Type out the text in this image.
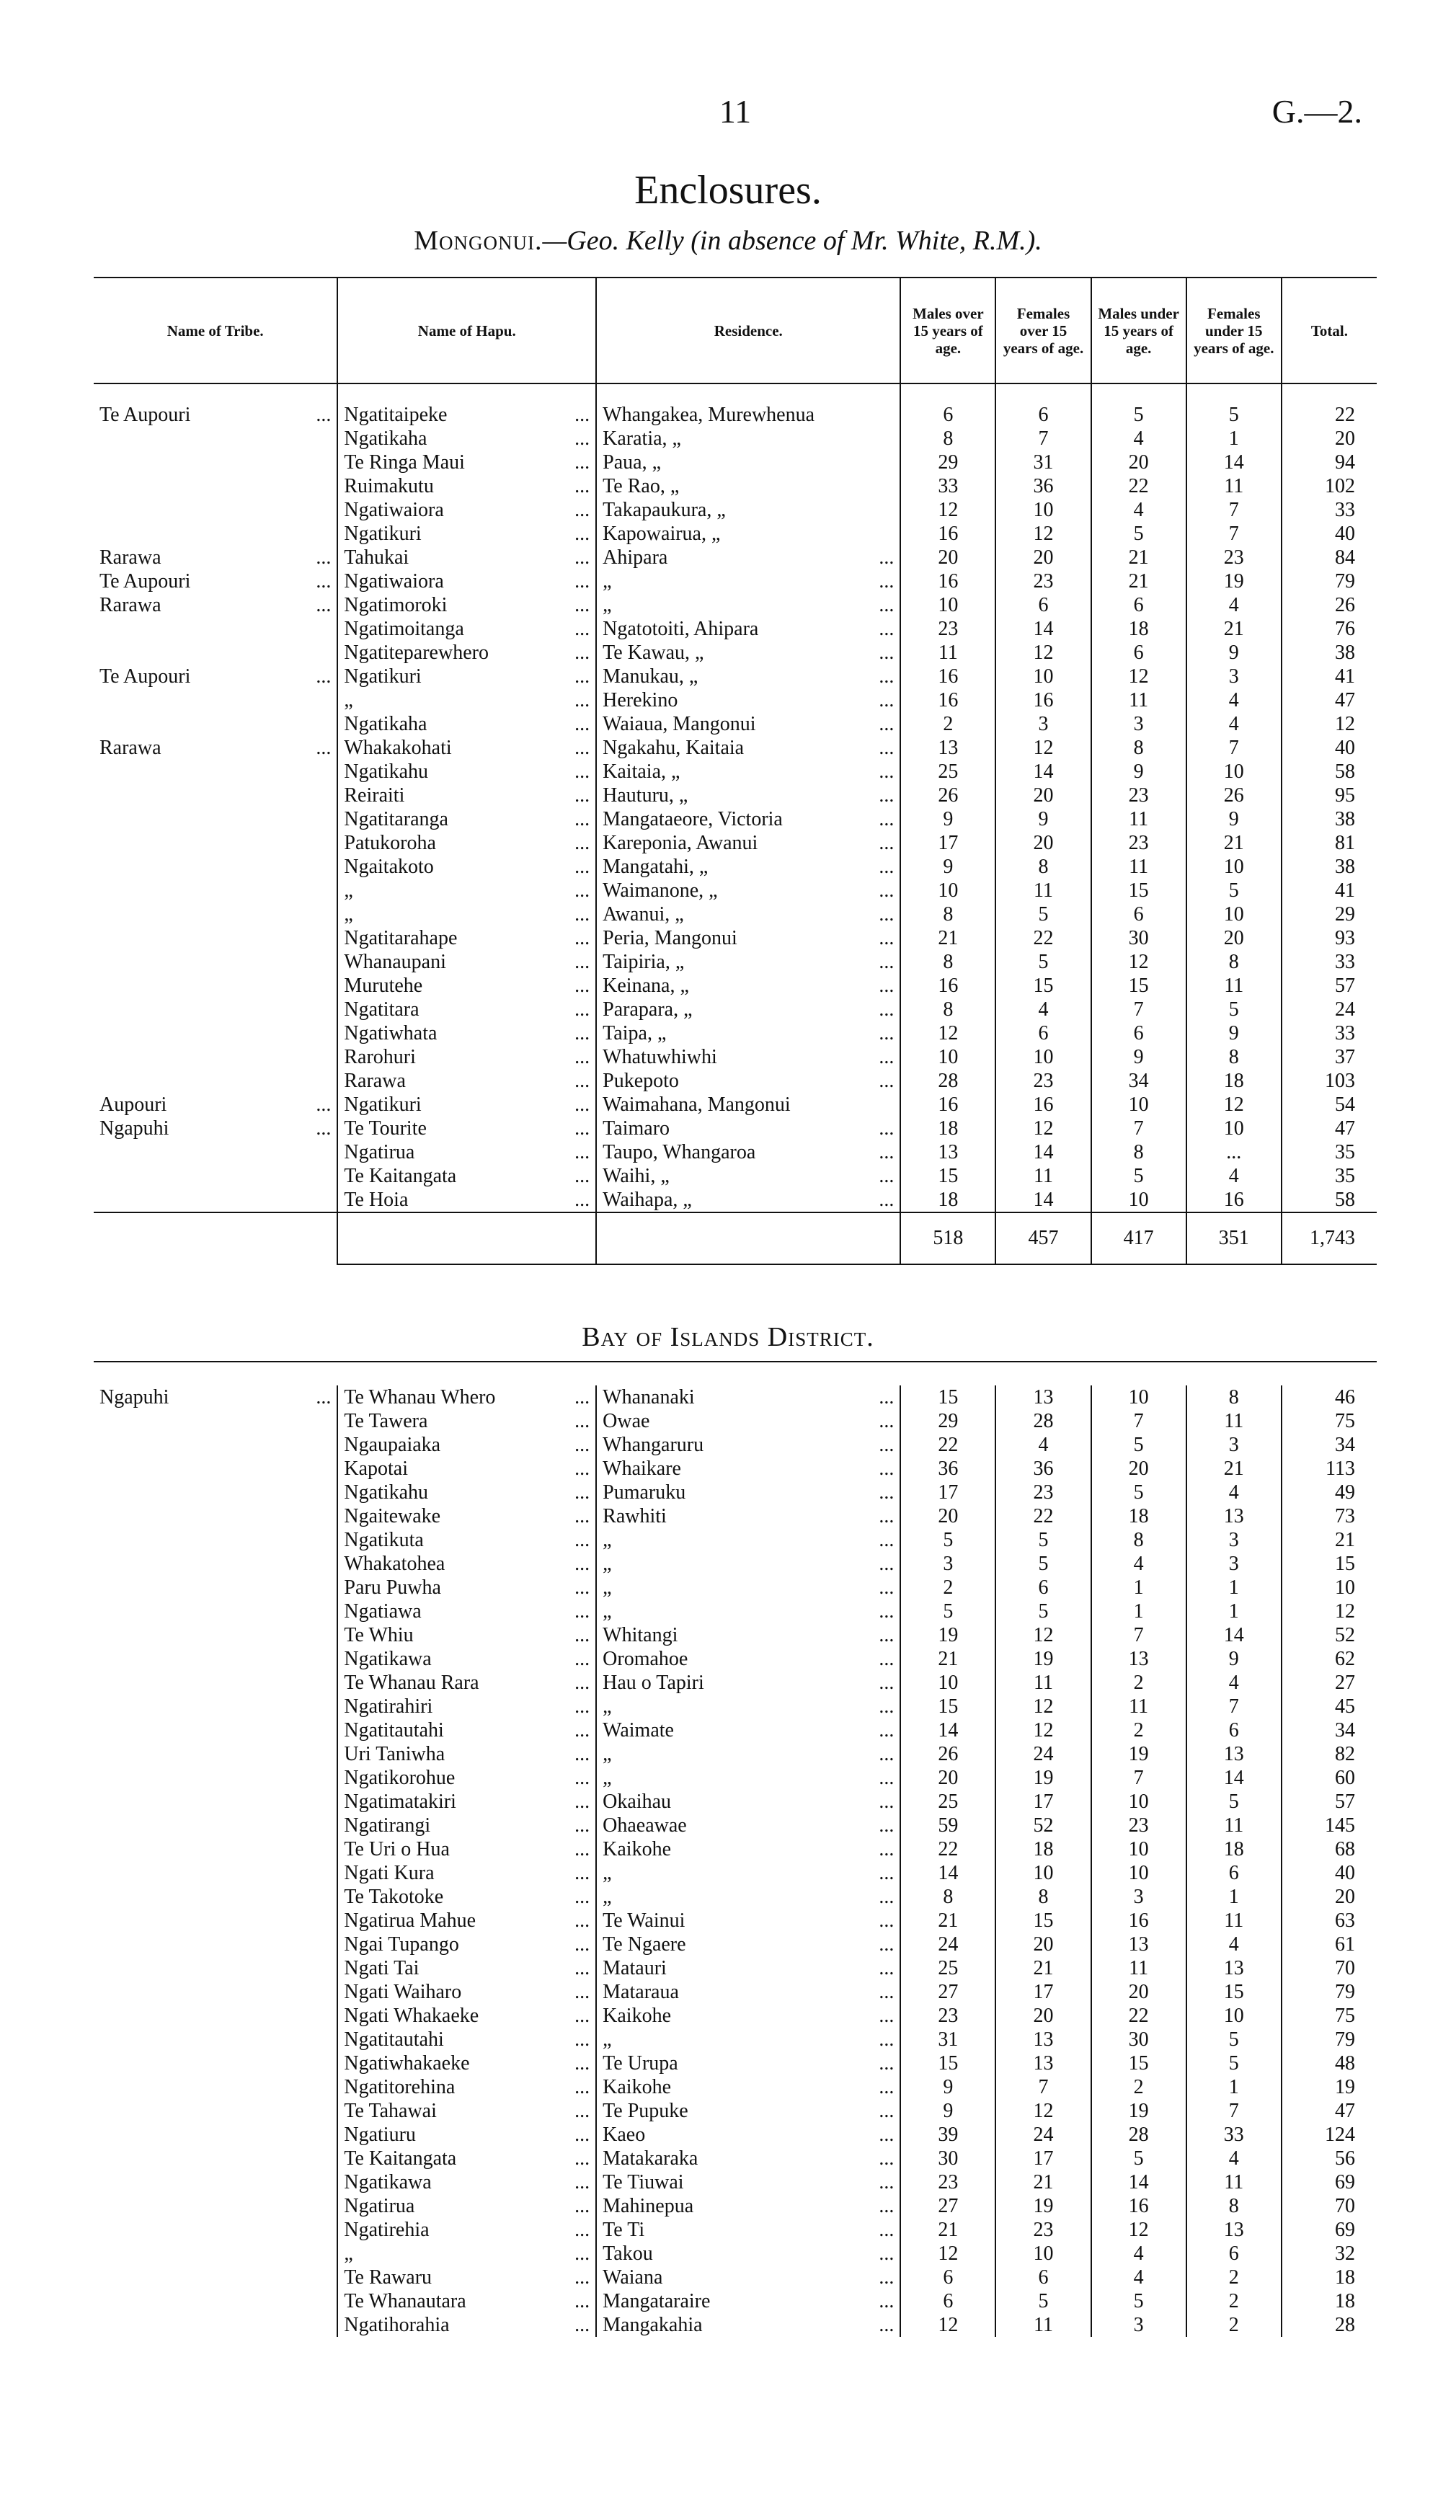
11	G.—2.
Enclosures.
Mongonui.—Geo. Kelly (in absence of Mr. White, R.M.).
Name of Tribe.	Name of Hapu.	Residence.	Males over 15 years of age.	Females over 15 years of age.	Males under 15 years of age.	Females under 15 years of age.	Total.
Te Aupouri ...	Ngatitaipeke ...	Whangakea, Murewhenua	6	6	5	5	22
	Ngatikaha ...	Karatia, „	8	7	4	1	20
	Te Ringa Maui ...	Paua, „	29	31	20	14	94
	Ruimakutu ...	Te Rao, „	33	36	22	11	102
	Ngatiwaiora ...	Takapaukura, „	12	10	4	7	33
	Ngatikuri ...	Kapowairua, „	16	12	5	7	40
Rarawa ...	Tahukai ...	Ahipara ...	20	20	21	23	84
Te Aupouri ...	Ngatiwaiora ...	„ ...	16	23	21	19	79
Rarawa ...	Ngatimoroki ...	„ ...	10	6	6	4	26
	Ngatimoitanga ...	Ngatotoiti, Ahipara ...	23	14	18	21	76
	Ngatiteparewhero ...	Te Kawau, „ ...	11	12	6	9	38
Te Aupouri ...	Ngatikuri ...	Manukau, „ ...	16	10	12	3	41
	„ ...	Herekino ...	16	16	11	4	47
	Ngatikaha ...	Waiaua, Mangonui ...	2	3	3	4	12
Rarawa ...	Whakakohati ...	Ngakahu, Kaitaia ...	13	12	8	7	40
	Ngatikahu ...	Kaitaia, „ ...	25	14	9	10	58
	Reiraiti ...	Hauturu, „ ...	26	20	23	26	95
	Ngatitaranga ...	Mangataeore, Victoria ...	9	9	11	9	38
	Patukoroha ...	Kareponia, Awanui ...	17	20	23	21	81
	Ngaitakoto ...	Mangatahi, „ ...	9	8	11	10	38
	„ ...	Waimanone, „ ...	10	11	15	5	41
	„ ...	Awanui, „ ...	8	5	6	10	29
	Ngatitarahape ...	Peria, Mangonui ...	21	22	30	20	93
	Whanaupani ...	Taipiria, „ ...	8	5	12	8	33
	Murutehe ...	Keinana, „ ...	16	15	15	11	57
	Ngatitara ...	Parapara, „ ...	8	4	7	5	24
	Ngatiwhata ...	Taipa, „ ...	12	6	6	9	33
	Rarohuri ...	Whatuwhiwhi ...	10	10	9	8	37
	Rarawa ...	Pukepoto ...	28	23	34	18	103
Aupouri ...	Ngatikuri ...	Waimahana, Mangonui	16	16	10	12	54
Ngapuhi ...	Te Tourite ...	Taimaro ...	18	12	7	10	47
	Ngatirua ...	Taupo, Whangaroa ...	13	14	8	...	35
	Te Kaitangata ...	Waihi, „ ...	15	11	5	4	35
	Te Hoia ...	Waihapa, „ ...	18	14	10	16	58
			518	457	417	351	1,743
Bay of Islands District.
Ngapuhi ...	Te Whanau Whero ...	Whananaki ...	15	13	10	8	46
	Te Tawera ...	Owae ...	29	28	7	11	75
	Ngaupaiaka ...	Whangaruru ...	22	4	5	3	34
	Kapotai ...	Whaikare ...	36	36	20	21	113
	Ngatikahu ...	Pumaruku ...	17	23	5	4	49
	Ngaitewake ...	Rawhiti ...	20	22	18	13	73
	Ngatikuta ...	„ ...	5	5	8	3	21
	Whakatohea ...	„ ...	3	5	4	3	15
	Paru Puwha ...	„ ...	2	6	1	1	10
	Ngatiawa ...	„ ...	5	5	1	1	12
	Te Whiu ...	Whitangi ...	19	12	7	14	52
	Ngatikawa ...	Oromahoe ...	21	19	13	9	62
	Te Whanau Rara ...	Hau o Tapiri ...	10	11	2	4	27
	Ngatirahiri ...	„ ...	15	12	11	7	45
	Ngatitautahi ...	Waimate ...	14	12	2	6	34
	Uri Taniwha ...	„ ...	26	24	19	13	82
	Ngatikorohue ...	„ ...	20	19	7	14	60
	Ngatimatakiri ...	Okaihau ...	25	17	10	5	57
	Ngatirangi ...	Ohaeawae ...	59	52	23	11	145
	Te Uri o Hua ...	Kaikohe ...	22	18	10	18	68
	Ngati Kura ...	„ ...	14	10	10	6	40
	Te Takotoke ...	„ ...	8	8	3	1	20
	Ngatirua Mahue ...	Te Wainui ...	21	15	16	11	63
	Ngai Tupango ...	Te Ngaere ...	24	20	13	4	61
	Ngati Tai ...	Matauri ...	25	21	11	13	70
	Ngati Waiharo ...	Mataraua ...	27	17	20	15	79
	Ngati Whakaeke ...	Kaikohe ...	23	20	22	10	75
	Ngatitautahi ...	„ ...	31	13	30	5	79
	Ngatiwhakaeke ...	Te Urupa ...	15	13	15	5	48
	Ngatitorehina ...	Kaikohe ...	9	7	2	1	19
	Te Tahawai ...	Te Pupuke ...	9	12	19	7	47
	Ngatiuru ...	Kaeo ...	39	24	28	33	124
	Te Kaitangata ...	Matakaraka ...	30	17	5	4	56
	Ngatikawa ...	Te Tiuwai ...	23	21	14	11	69
	Ngatirua ...	Mahinepua ...	27	19	16	8	70
	Ngatirehia ...	Te Ti ...	21	23	12	13	69
	„ ...	Takou ...	12	10	4	6	32
	Te Rawaru ...	Waiana ...	6	6	4	2	18
	Te Whanautara ...	Mangataraire ...	6	5	5	2	18
	Ngatihorahia ...	Mangakahia ...	12	11	3	2	28
